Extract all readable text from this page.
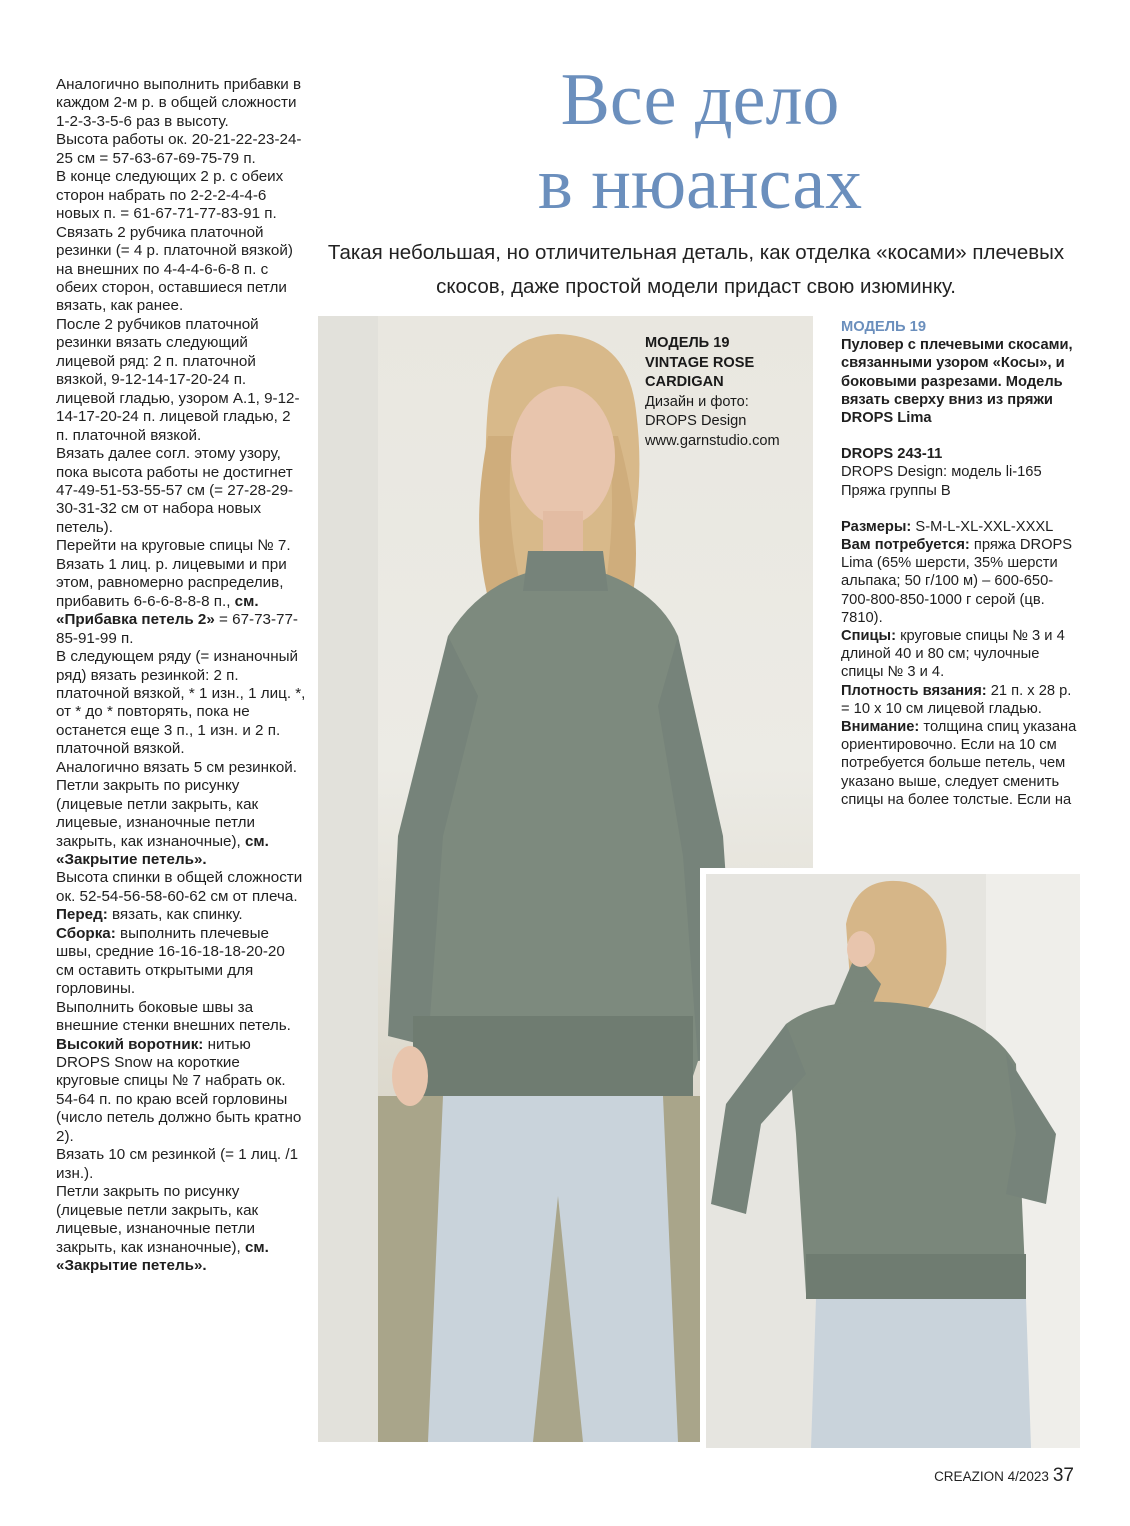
Аналогично выполнить прибавки в каждом 2-м р. в общей сложности 1-2-3-3-5-6 раз в высоту.

Высота работы ок. 20-21-22-23-24-25 см = 57-63-67-69-75-79 п.

В конце следующих 2 р. с обеих сторон набрать по 2-2-2-4-4-6 новых п. = 61-67-71-77-83-91 п.

Связать 2 рубчика платочной резинки (= 4 р. платочной вязкой) на внешних по 4-4-4-6-6-8 п. с обеих сторон, оставшиеся петли вязать, как ранее.

После 2 рубчиков платочной резинки вязать следующий лицевой ряд: 2 п. платочной вязкой, 9-12-14-17-20-24 п. лицевой гладью, узором А.1, 9-12-14-17-20-24 п. лицевой гладью, 2 п. платочной вязкой.

Вязать далее согл. этому узору, пока высота работы не достигнет 47-49-51-53-55-57 см (= 27-28-29-30-31-32 см от набора новых петель).

Перейти на круговые спицы № 7.

Вязать 1 лиц. р. лицевыми и при этом, равномерно распределив, прибавить 6-6-6-8-8-8 п., см. «Прибавка петель 2» = 67-73-77-85-91-99 п.

В следующем ряду (= изнаночный ряд) вязать резинкой: 2 п. платочной вязкой, * 1 изн., 1 лиц. *, от * до * повторять, пока не останется еще 3 п., 1 изн. и 2 п. платочной вязкой.

Аналогично вязать 5 см резинкой.

Петли закрыть по рисунку (лицевые петли закрыть, как лицевые, изнаночные петли закрыть, как изнаночные), см. «Закрытие петель».

Высота спинки в общей сложности ок. 52-54-56-58-60-62 см от плеча.

Перед: вязать, как спинку.

Сборка: выполнить плечевые швы, средние 16-16-18-18-20-20 см оставить открытыми для горловины.

Выполнить боковые швы за внешние стенки внешних петель.

Высокий воротник: нитью DROPS Snow на короткие круговые спицы № 7 набрать ок. 54-64 п. по краю всей горловины (число петель должно быть кратно 2).

Вязать 10 см резинкой (= 1 лиц. /1 изн.).

Петли закрыть по рисунку (лицевые петли закрыть, как лицевые, изнаночные петли закрыть, как изнаночные), см. «Закрытие петель».

Все дело
в нюансах

Такая небольшая, но отличительная деталь, как отделка «косами» плечевых скосов, даже простой модели придаст свою изюминку.

МОДЕЛЬ 19
VINTAGE ROSE
CARDIGAN
Дизайн и фото:
DROPS Design
www.garnstudio.com

МОДЕЛЬ 19

Пуловер с плечевыми скосами, связанными узором «Косы», и боковыми разрезами. Модель вязать сверху вниз из пряжи DROPS Lima

DROPS 243-11

DROPS Design: модель li-165

Пряжа группы B

Размеры: S-M-L-XL-XXL-XXXL

Вам потребуется: пряжа DROPS Lima (65% шерсти, 35% шерсти альпака; 50 г/100 м) – 600-650-700-800-850-1000 г серой (цв. 7810).

Спицы: круговые спицы № 3 и 4 длиной 40 и 80 см; чулочные спицы № 3 и 4.

Плотность вязания: 21 п. x 28 р. = 10 x 10 см лицевой гладью.

Внимание: толщина спиц указана ориентировочно. Если на 10 см потребуется больше петель, чем указано выше, следует сменить спицы на более толстые. Если на

CREAZION 4/2023 37
